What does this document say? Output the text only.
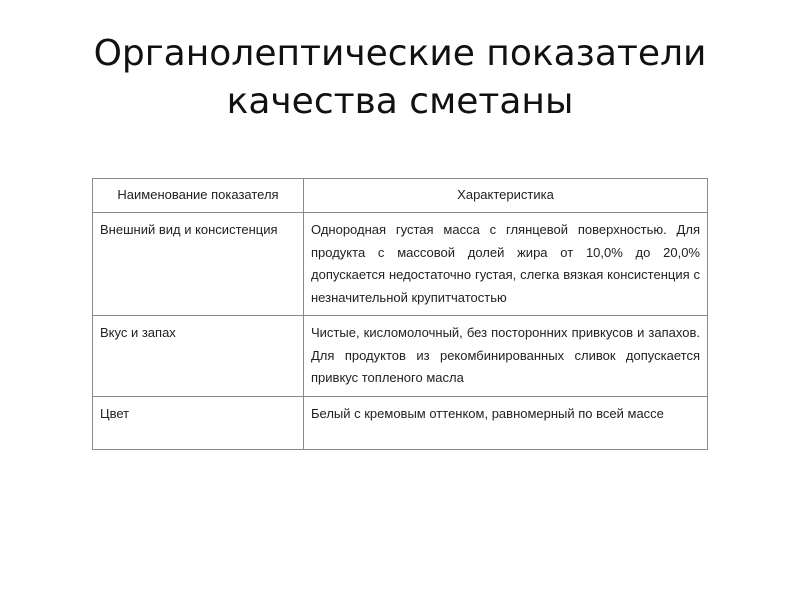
Органолептические показатели
качества сметаны
Наименование показателя	Характеристика
Внешний вид и консистенция	Однородная густая масса с глянцевой поверхностью. Для продукта с массовой долей жира от 10,0% до 20,0% допускается недостаточно густая, слегка вязкая консистенция с незначительной крупитчатостью
Вкус и запах	Чистые, кисломолочный, без посторонних привкусов и запахов. Для продуктов из рекомбинированных сливок допускается привкус топленого масла
Цвет	Белый с кремовым оттенком, равномерный по всей массе
